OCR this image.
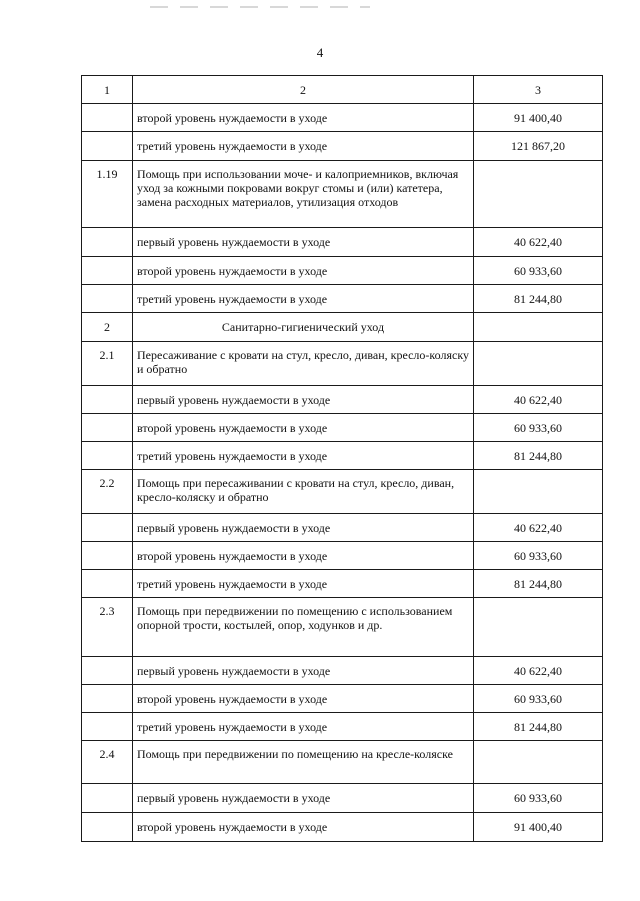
4
1	2	3
	второй уровень нуждаемости в уходе	91 400,40
	третий уровень нуждаемости в уходе	121 867,20
1.19	Помощь при использовании моче- и калоприемников, включая уход за кожными покровами вокруг стомы и (или) катетера, замена расходных материалов, утилизация отходов	
	первый уровень нуждаемости в уходе	40 622,40
	второй уровень нуждаемости в уходе	60 933,60
	третий уровень нуждаемости в уходе	81 244,80
2	Санитарно-гигиенический уход	
2.1	Пересаживание с кровати на стул, кресло, диван, кресло-коляску и обратно	
	первый уровень нуждаемости в уходе	40 622,40
	второй уровень нуждаемости в уходе	60 933,60
	третий уровень нуждаемости в уходе	81 244,80
2.2	Помощь при пересаживании с кровати на стул, кресло, диван, кресло-коляску и обратно	
	первый уровень нуждаемости в уходе	40 622,40
	второй уровень нуждаемости в уходе	60 933,60
	третий уровень нуждаемости в уходе	81 244,80
2.3	Помощь при передвижении по помещению с использованием опорной трости, костылей, опор, ходунков и др.	
	первый уровень нуждаемости в уходе	40 622,40
	второй уровень нуждаемости в уходе	60 933,60
	третий уровень нуждаемости в уходе	81 244,80
2.4	Помощь при передвижении по помещению на кресле-коляске	
	первый уровень нуждаемости в уходе	60 933,60
	второй уровень нуждаемости в уходе	91 400,40
